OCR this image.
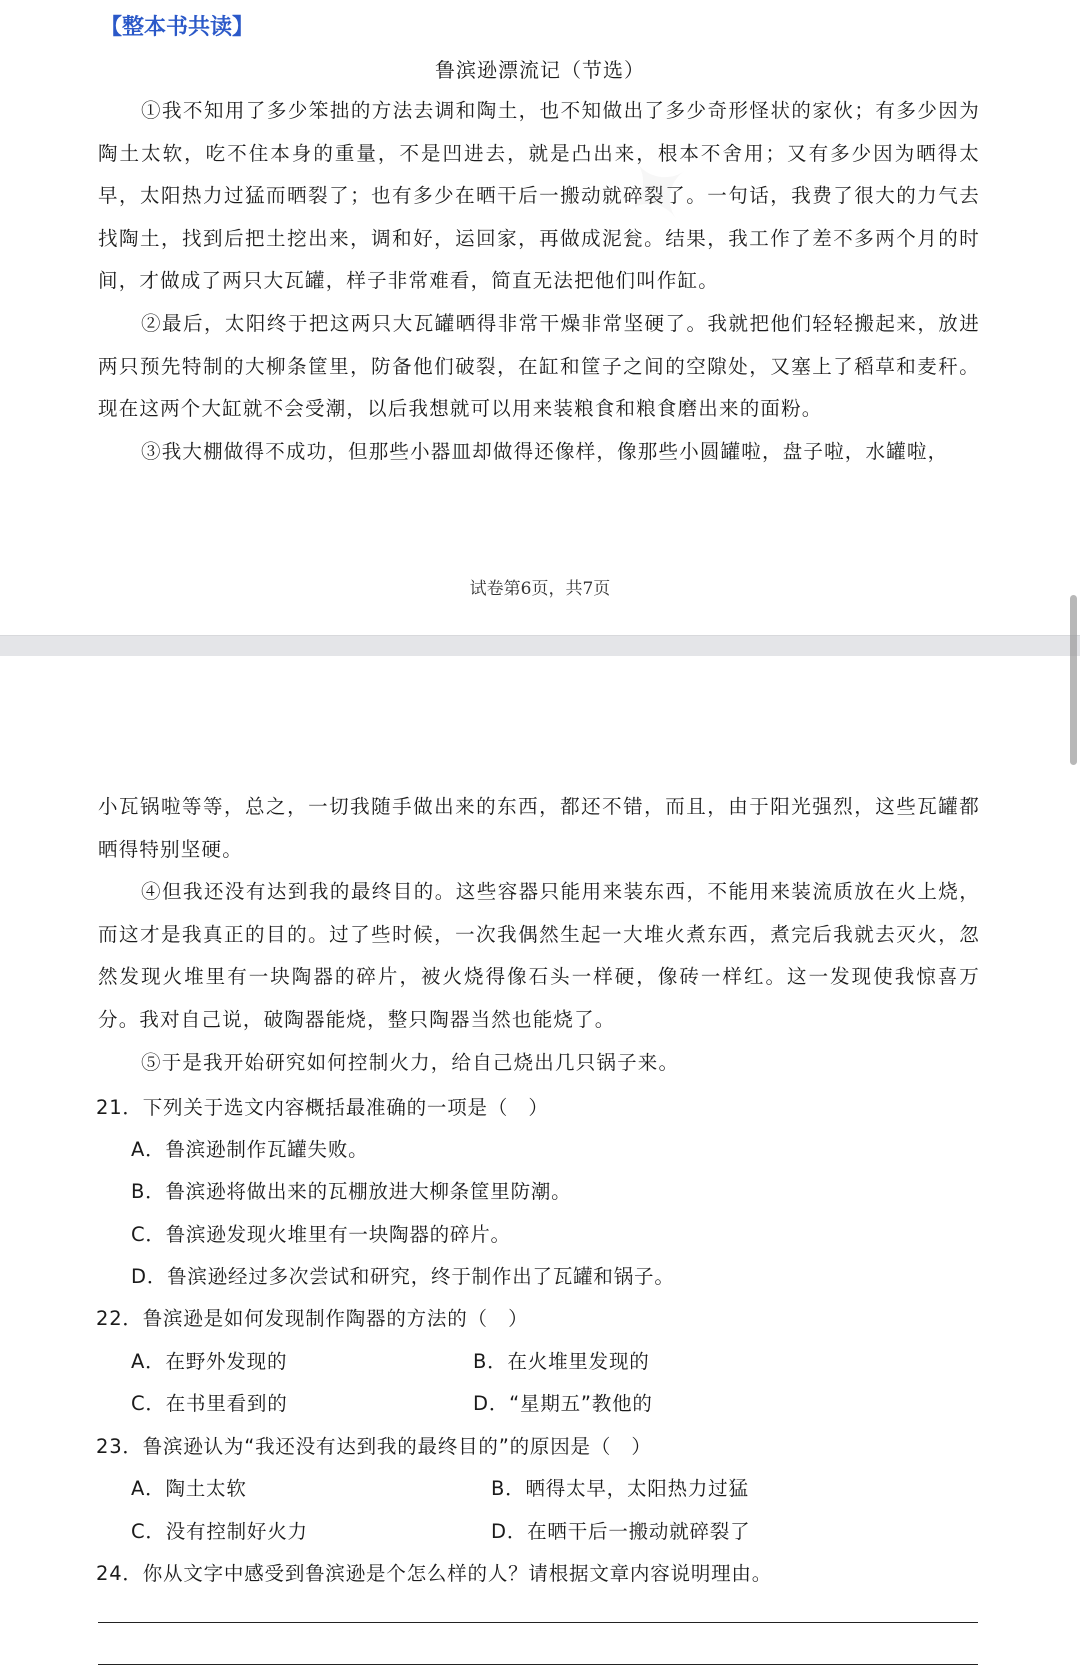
【整本书共读】
鲁滨逊漂流记（节选）
①我不知用了多少笨拙的方法去调和陶土，也不知做出了多少奇形怪状的家伙；有多少因为陶土太软，吃不住本身的重量，不是凹进去，就是凸出来，根本不舍用；又有多少因为晒得太早，太阳热力过猛而晒裂了；也有多少在晒干后一搬动就碎裂了。一句话，我费了很大的力气去找陶土，找到后把土挖出来，调和好，运回家，再做成泥瓮。结果，我工作了差不多两个月的时间，才做成了两只大瓦罐，样子非常难看，简直无法把他们叫作缸。
②最后，太阳终于把这两只大瓦罐晒得非常干燥非常坚硬了。我就把他们轻轻搬起来，放进两只预先特制的大柳条筐里，防备他们破裂，在缸和筐子之间的空隙处，又塞上了稻草和麦秆。现在这两个大缸就不会受潮，以后我想就可以用来装粮食和粮食磨出来的面粉。
③我大棚做得不成功，但那些小器皿却做得还像样，像那些小圆罐啦，盘子啦，水罐啦，
试卷第6页，共7页
小瓦锅啦等等，总之，一切我随手做出来的东西，都还不错，而且，由于阳光强烈，这些瓦罐都晒得特别坚硬。
④但我还没有达到我的最终目的。这些容器只能用来装东西，不能用来装流质放在火上烧，而这才是我真正的目的。过了些时候，一次我偶然生起一大堆火煮东西，煮完后我就去灭火，忽然发现火堆里有一块陶器的碎片，被火烧得像石头一样硬，像砖一样红。这一发现使我惊喜万分。我对自己说，破陶器能烧，整只陶器当然也能烧了。
⑤于是我开始研究如何控制火力，给自己烧出几只锅子来。
21．下列关于选文内容概括最准确的一项是（　）
A．鲁滨逊制作瓦罐失败。
B．鲁滨逊将做出来的瓦棚放进大柳条筐里防潮。
C．鲁滨逊发现火堆里有一块陶器的碎片。
D．鲁滨逊经过多次尝试和研究，终于制作出了瓦罐和锅子。
22．鲁滨逊是如何发现制作陶器的方法的（　）
A．在野外发现的	B．在火堆里发现的
C．在书里看到的	D．“星期五”教他的
23．鲁滨逊认为“我还没有达到我的最终目的”的原因是（　）
A．陶土太软	B．晒得太早，太阳热力过猛
C．没有控制好火力	D．在晒干后一搬动就碎裂了
24．你从文字中感受到鲁滨逊是个怎么样的人？请根据文章内容说明理由。
